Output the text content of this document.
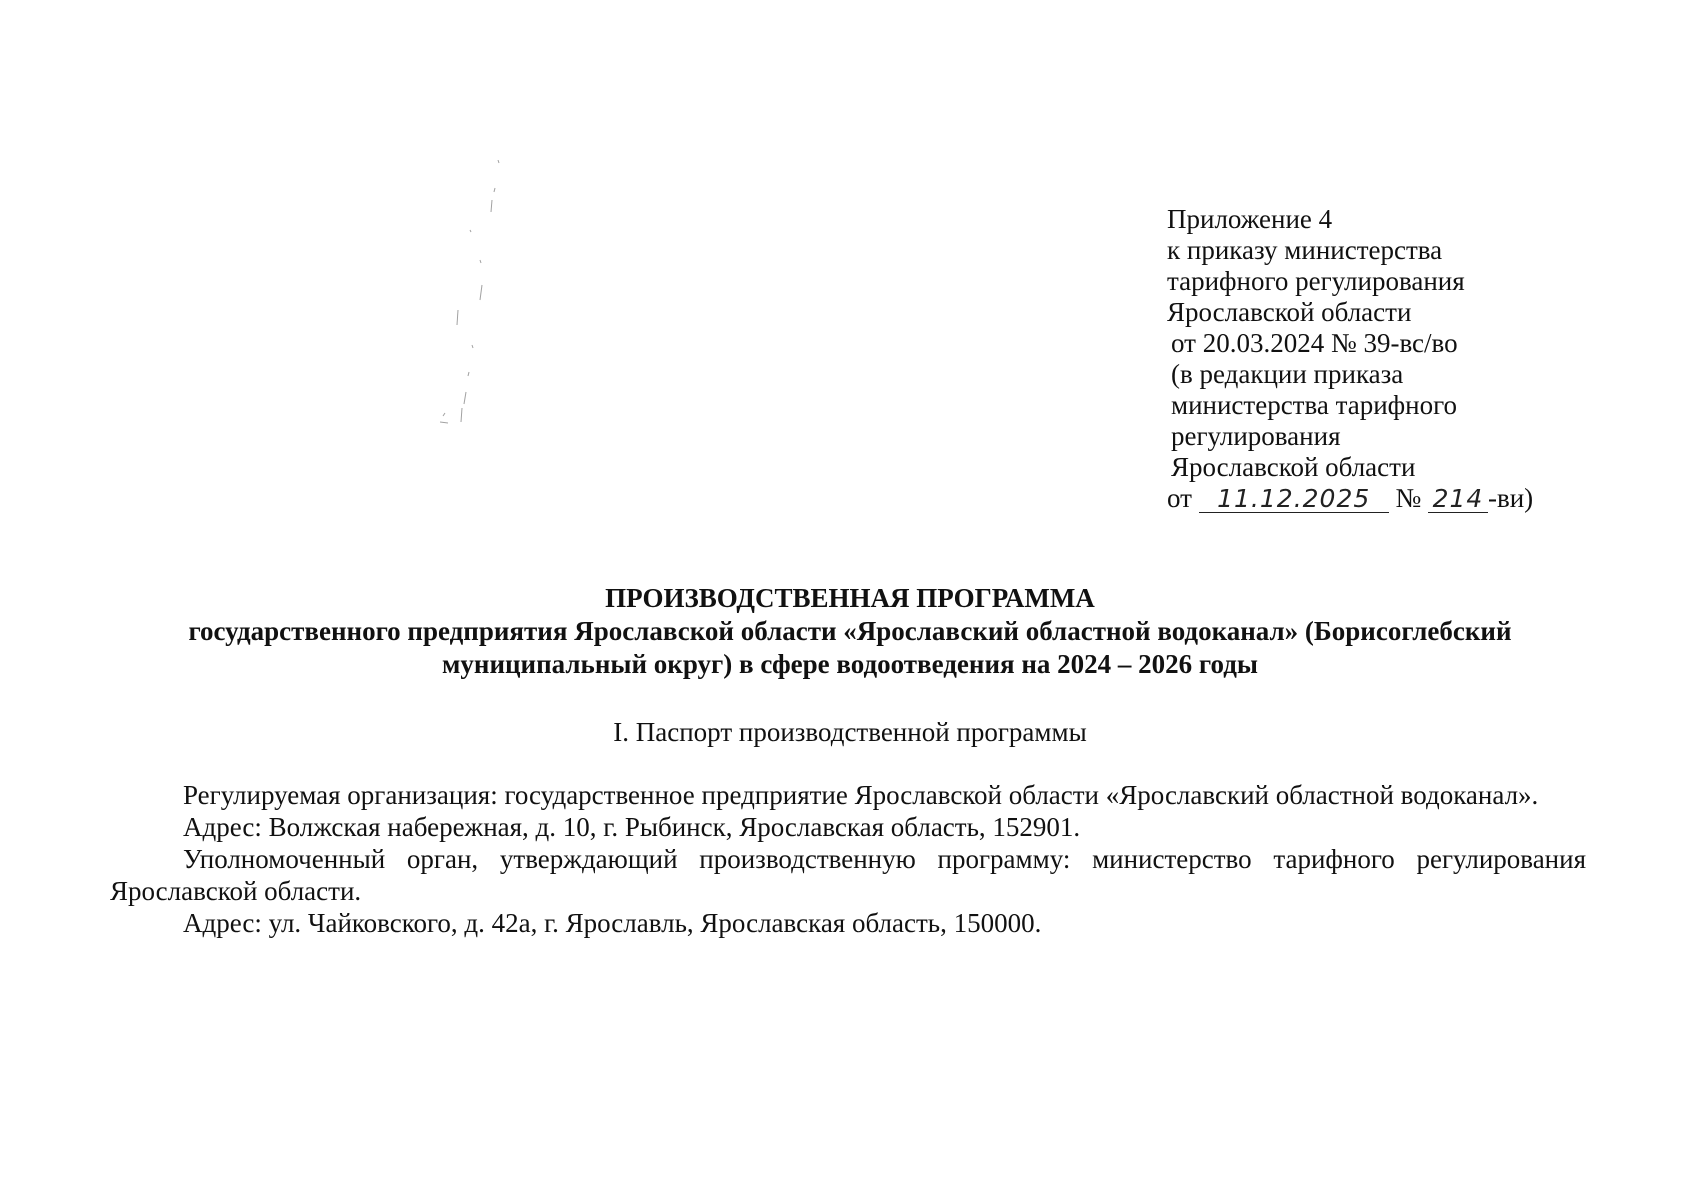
Приложение 4
к приказу министерства
тарифного регулирования
Ярославской области
от 20.03.2024 № 39-вс/во
(в редакции приказа
министерства тарифного
регулирования
Ярославской области
от 11.12.2025 № 214 -ви)
ПРОИЗВОДСТВЕННАЯ ПРОГРАММА
государственного предприятия Ярославской области «Ярославский областной водоканал» (Борисоглебский муниципальный округ) в сфере водоотведения на 2024 – 2026 годы
I. Паспорт производственной программы

Регулируемая организация: государственное предприятие Ярославской области «Ярославский областной водоканал».

Адрес: Волжская набережная, д. 10, г. Рыбинск, Ярославская область, 152901.

Уполномоченный орган, утверждающий производственную программу: министерство тарифного регулирования Ярославской области.

Адрес: ул. Чайковского, д. 42а, г. Ярославль, Ярославская область, 150000.
